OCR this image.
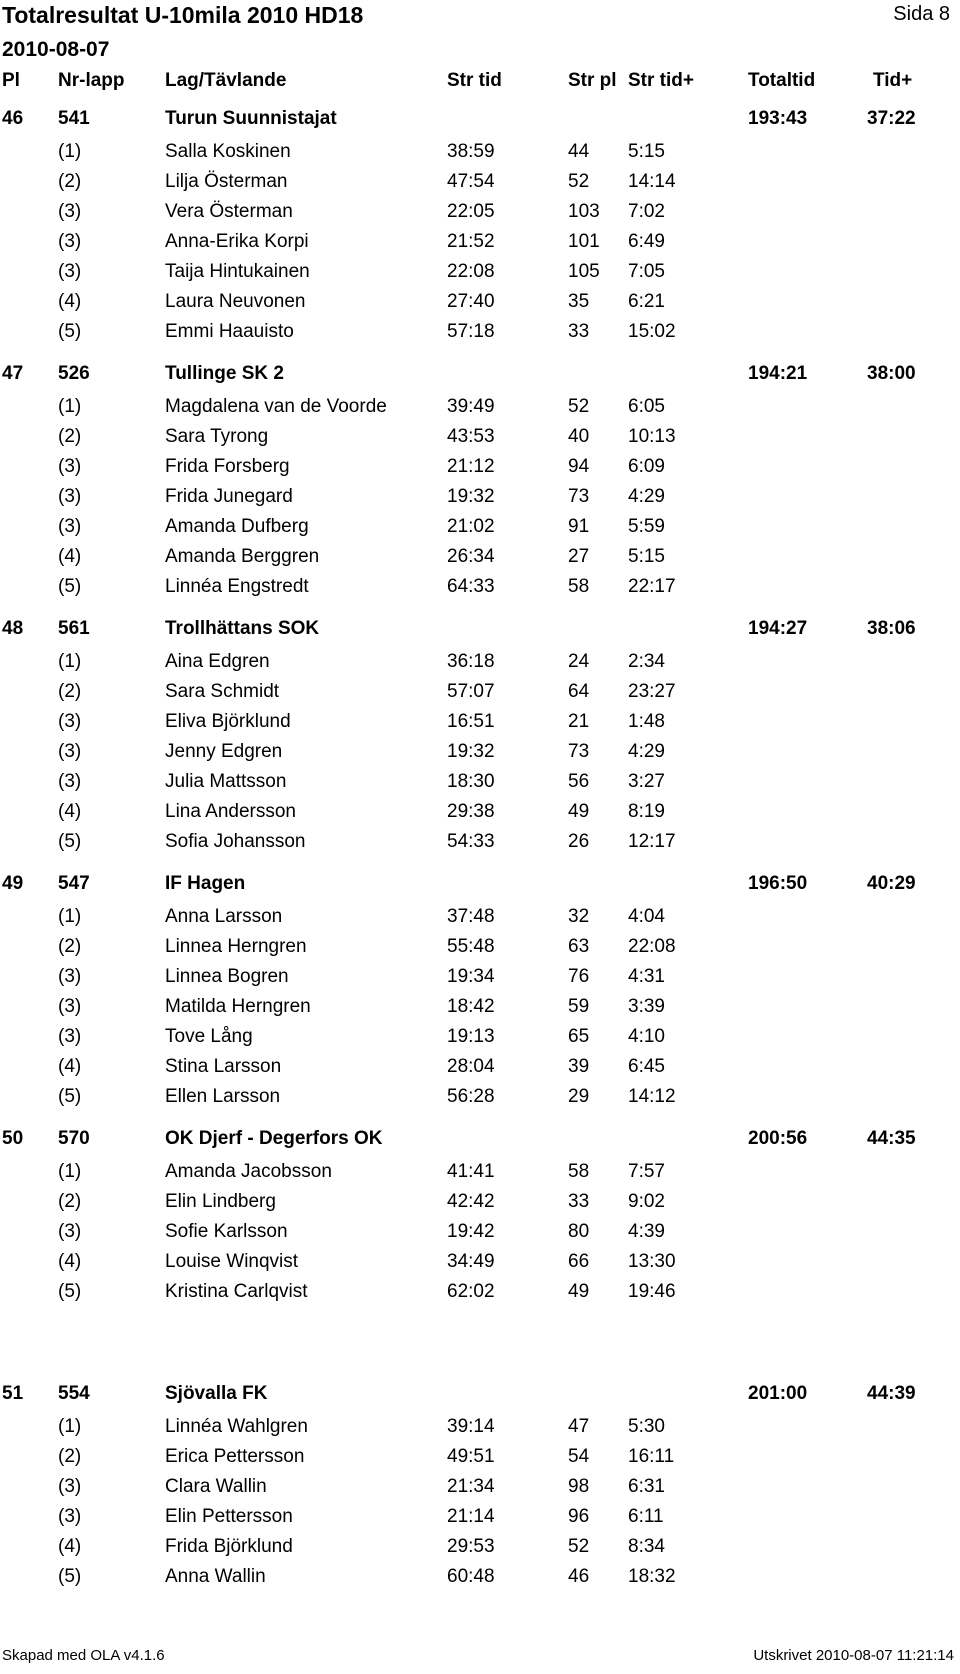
Totalresultat U-10mila 2010 HD18	Sida 8
2010-08-07
Pl Nr-lapp Lag/Tävlande	Str tid	Str pl Str tid+	Totaltid	Tid+
46 541	Turun Suunnistajat	193:43	37:22
(1)	Salla Koskinen	38:59	44 5:15
(2)	Lilja Österman	47:54	52 14:14
(3)	Vera Österman	22:05	103 7:02
(3)	Anna-Erika Korpi	21:52	101 6:49
(3)	Taija Hintukainen	22:08	105 7:05
(4)	Laura Neuvonen	27:40	35 6:21
(5)	Emmi Haauisto	57:18	33 15:02
47 526	Tullinge SK 2	194:21	38:00
(1)	Magdalena van de Voorde	39:49	52 6:05
(2)	Sara Tyrong	43:53	40 10:13
(3)	Frida Forsberg	21:12	94 6:09
(3)	Frida Junegard	19:32	73 4:29
(3)	Amanda Dufberg	21:02	91 5:59
(4)	Amanda Berggren	26:34	27 5:15
(5)	Linnéa Engstredt	64:33	58 22:17
48 561	Trollhättans SOK	194:27	38:06
(1)	Aina Edgren	36:18	24 2:34
(2)	Sara Schmidt	57:07	64 23:27
(3)	Eliva Björklund	16:51	21 1:48
(3)	Jenny Edgren	19:32	73 4:29
(3)	Julia Mattsson	18:30	56 3:27
(4)	Lina Andersson	29:38	49 8:19
(5)	Sofia Johansson	54:33	26 12:17
49 547	IF Hagen	196:50	40:29
(1)	Anna Larsson	37:48	32 4:04
(2)	Linnea Herngren	55:48	63 22:08
(3)	Linnea Bogren	19:34	76 4:31
(3)	Matilda Herngren	18:42	59 3:39
(3)	Tove Lång	19:13	65 4:10
(4)	Stina Larsson	28:04	39 6:45
(5)	Ellen Larsson	56:28	29 14:12
50 570	OK Djerf - Degerfors OK	200:56	44:35
(1)	Amanda Jacobsson	41:41	58 7:57
(2)	Elin Lindberg	42:42	33 9:02
(3)	Sofie Karlsson	19:42	80 4:39
(4)	Louise Winqvist	34:49	66 13:30
(5)	Kristina Carlqvist	62:02	49 19:46
51 554	Sjövalla FK	201:00	44:39
(1)	Linnéa Wahlgren	39:14	47 5:30
(2)	Erica Pettersson	49:51	54 16:11
(3)	Clara Wallin	21:34	98 6:31
(3)	Elin Pettersson	21:14	96 6:11
(4)	Frida Björklund	29:53	52 8:34
(5)	Anna Wallin	60:48	46 18:32
Skapad med OLA v4.1.6	Utskrivet 2010-08-07 11:21:14
